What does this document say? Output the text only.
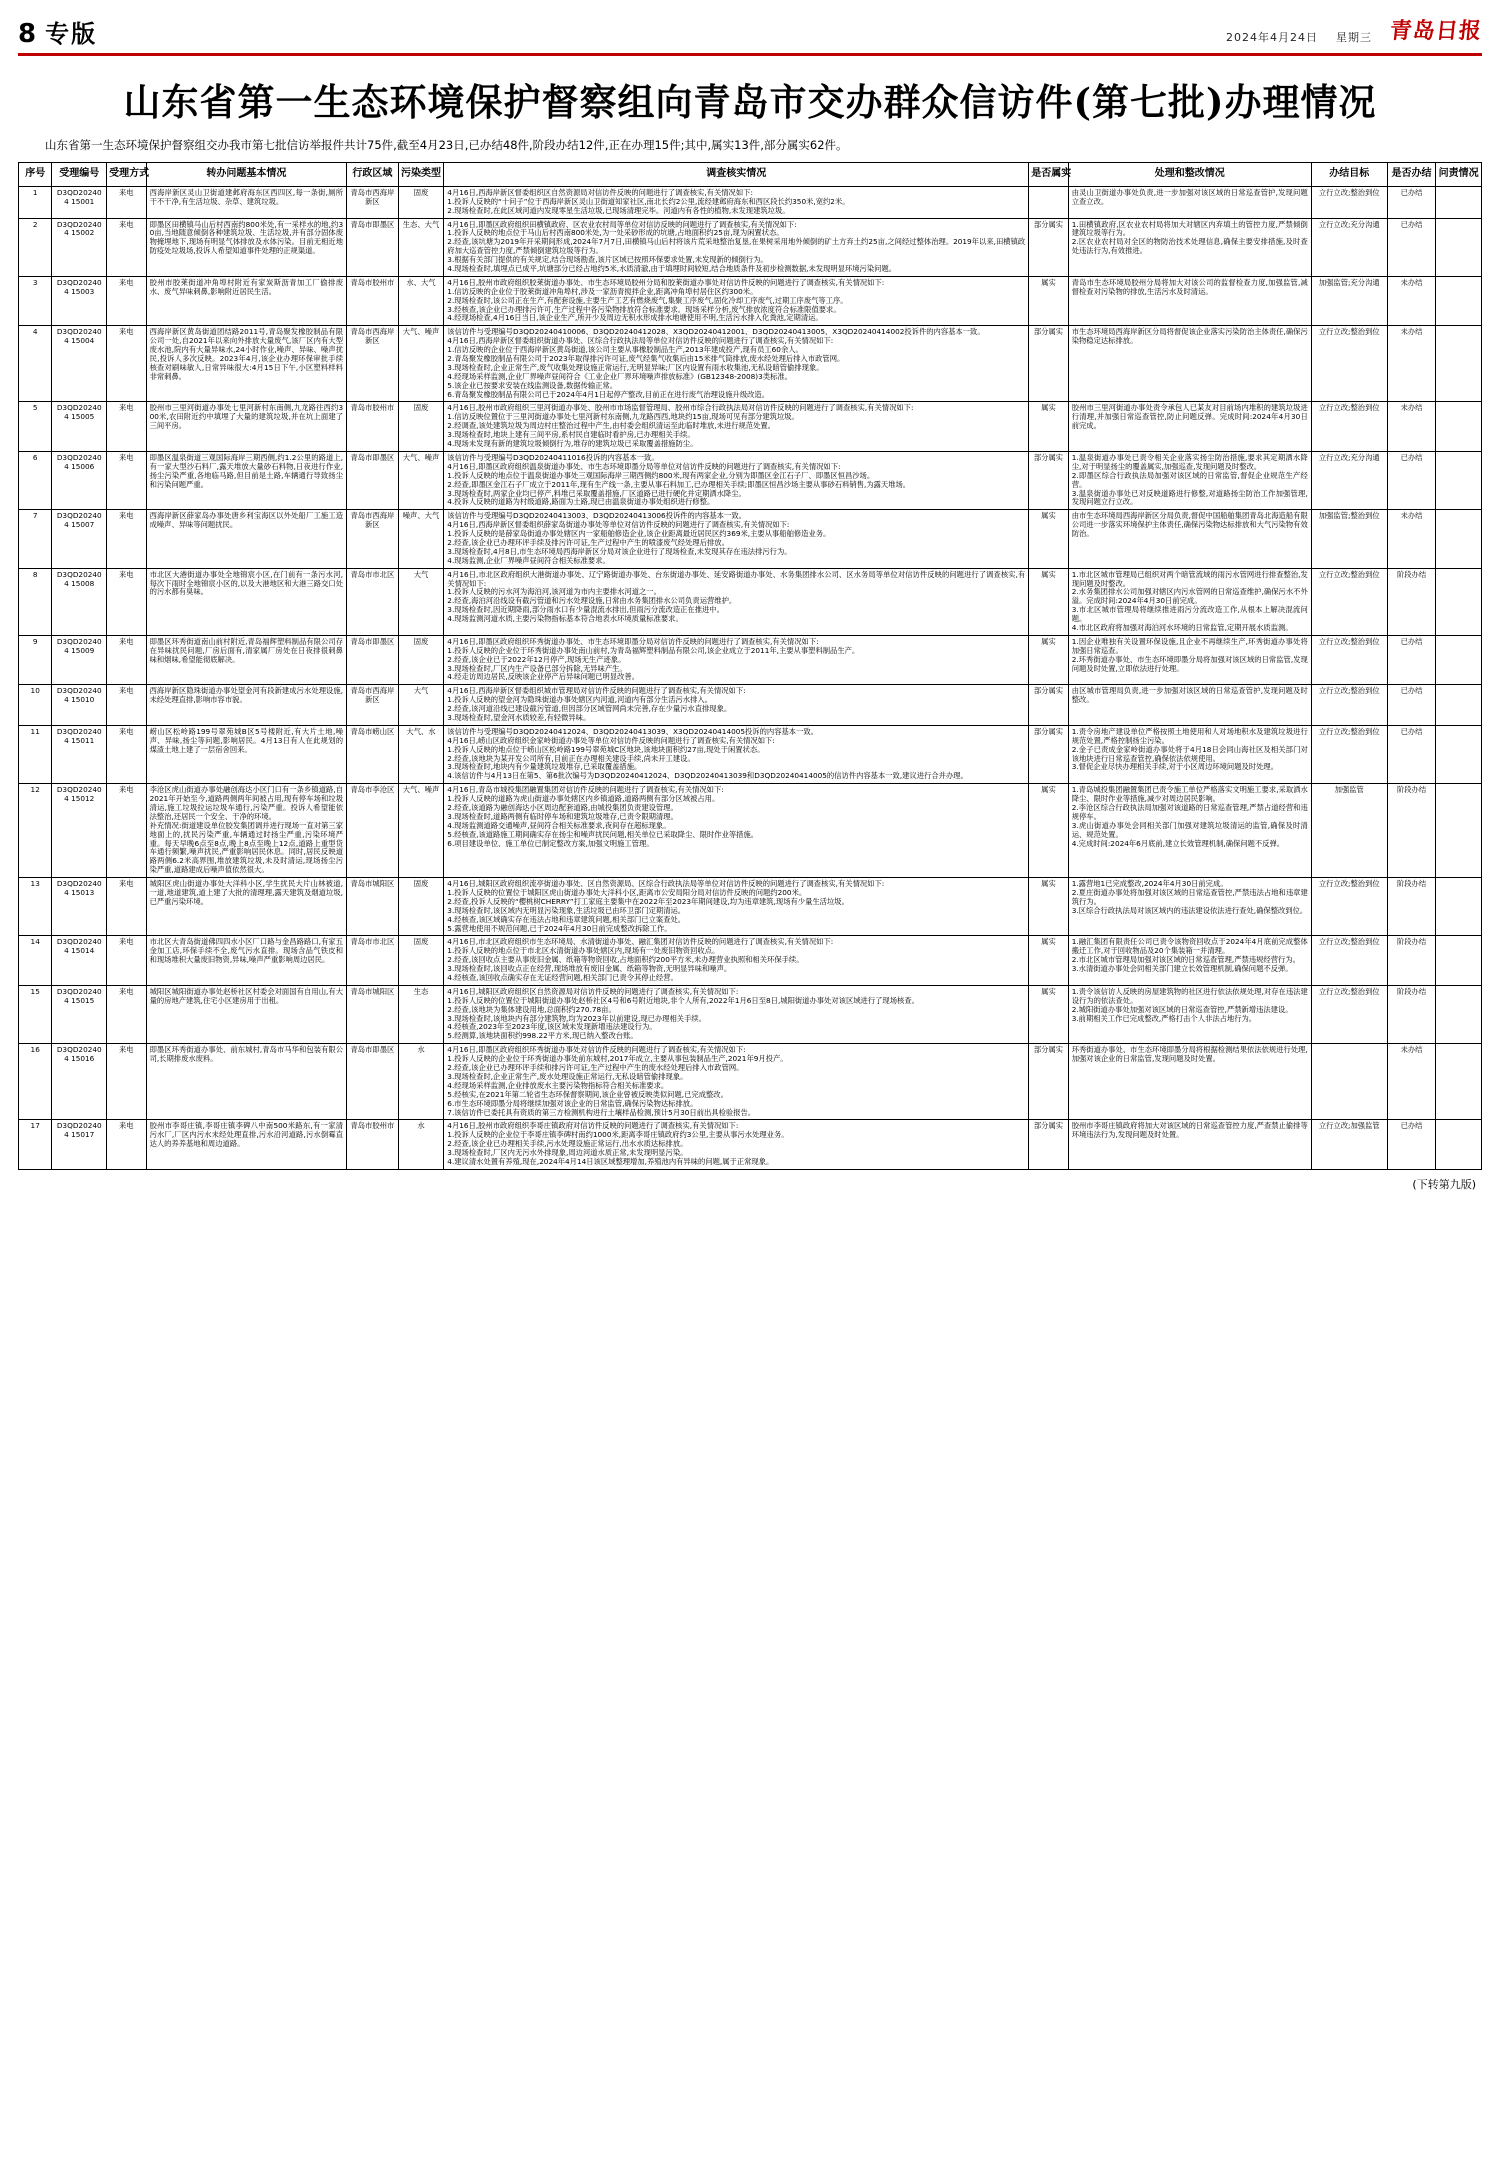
8 专版	2024年4月24日 星期三 青岛日报
山东省第一生态环境保护督察组向青岛市交办群众信访件(第七批)办理情况

山东省第一生态环境保护督察组交办我市第七批信访举报件共计75件,截至4月23日,已办结48件,阶段办结12件,正在办理15件;其中,属实13件,部分属实62件。

序号	受理编号	受理方式	转办问题基本情况	行政区域	污染类型	调查核实情况	是否属实	处理和整改情况	办结目标	是否办结	问责情况
1	D3QD202404 15001	来电	西海岸新区灵山卫街道建邺府海东区西四区,每一条街,厕所干不干净,有生活垃圾、杂草、建筑垃圾。	青岛市西海岸新区	固废	4月16日,西海岸新区督委组织区自然资源局对信访件反映的问题进行了调查核实,有关情况如下:
1.投诉人反映的“十问子”位于西海岸新区灵山卫街道知家社区,南北长约2公里,流经建邺府海东和西区段长约350米,宽约2米。
2.现场检查时,在此区域河道内发现零星生活垃圾,已现场清理完毕。河道内有各性的植物,未发现建筑垃圾。		由灵山卫街道办事处负责,进一步加强对该区域的日常巡查管护,发现问题立查立改。	立行立改;整治到位	已办结	
2	D3QD202404 15002	来电	即墨区田横镇马山后村西南约800米处,有一采样水的地,约30亩,当地随意倾倒各种建筑垃圾、生活垃圾,并有部分固体废物掩埋地下,现场有明显气体排放及水体污染。目前无相近地防疫处垃圾场,投诉人希望知道事件处理的正规渠道。	青岛市即墨区	生态、大气	4月16日,即墨区政府组织田横镇政府、区农业农村局等单位对信访反映的问题进行了调查核实,有关情况如下:
1.投诉人反映的地点位于马山后村西南800米处,为一处采砂形成的坑塘,占地面积约25亩,现为闲置状态。
2.经查,该坑塘为2019年开采期间形成,2024年7月7日,田横镇马山后村将该片荒采地整治复垦,在果树采用地外倾倒的矿土方弃土约25亩,之间经过整体治理。2019年以来,田横镇政府加大巡查管控力度,严禁倾倒建筑垃圾等行为。
3.根据有关部门提供的有关规定,结合现场勘查,该片区域已按照环保要求处置,未发现新的倾倒行为。
4.现场检查时,填埋点已成平,坑塘部分已经占地约5米,水质清澈,由于填埋时间较短,结合地质条件及初步检测数据,未发现明显环境污染问题。	部分属实	1.田横镇政府,区农业农村局将加大对辖区内弃填土的管控力度,严禁倾倒建筑垃圾等行为。
2.区农业农村局对全区的物防治技术处理信息,确保主要安排措施,及时查处违法行为,有效推进。	立行立改;充分沟通	已办结	
3	D3QD202404 15003	来电	胶州市胶莱街道冲角埠村附近有家炭斯沥青加工厂偷排废水、废气异味刺鼻,影响附近居民生活。	青岛市胶州市	水、大气	4月16日,胶州市政府组织胶莱街道办事处、市生态环境局胶州分局和胶莱街道办事处对信访件反映的问题进行了调查核实,有关情况如下:
1.信访反映的企业位于胶莱街道冲角埠村,涉及一家沥青搅拌企业,距离冲角埠村居住区约300米。
2.现场检查时,该公司正在生产,有配套设施,主要生产工艺有燃烧废气,集聚工序废气,固化冷却工序废气,过期工序废气等工序。
3.经核查,该企业已办理排污许可,生产过程中各污染物排放符合标准要求。现场采样分析,废气排放浓度符合标准限值要求。
4.经现场检查,4月16日当日,该企业生产,所开少及周边无积水形成排水地塘使用不明,生活污水排入化粪池,定期清运。	属实	青岛市生态环境局胶州分局将加大对该公司的监督检查力度,加强监管,减督检查对污染物的排放,生活污水及时清运。	加强监管;充分沟通	未办结	
4	D3QD202404 15004	来电	西海岸新区黄岛街道团结路2011号,青岛聚发橡胶制品有限公司一处,自2021年以来向外排放大量废气,该厂区内有大型废水池,院内有大量异味水,24小时作业,噪声、异味、噪声扰民,投诉人多次反映。2023年4月,该企业办理环保审批手续核查对刷味敏人,日常异味很大:4月15日下午,小区塑料样料非常刺鼻。	青岛市西海岸新区	大气、噪声	该信访件与受理编号D3QD20240410006、D3QD20240412028、X3QD20240412001、D3QD20240413005、X3QD20240414002投诉件的内容基本一致。
4月16日,西海岸新区督委组织街道办事处、区综合行政执法局等单位对信访件反映的问题进行了调查核实,有关情况如下:
1.信访反映的企业位于西海岸新区黄岛街道,该公司主要从事橡胶制品生产,2013年建成投产,现有员工60余人。
2.青岛聚发橡胶制品有限公司于2023年取得排污许可证,废气经集气收集后由15米排气筒排放,废水经处理后排入市政管网。
3.现场检查时,企业正常生产,废气收集处理设施正常运行,无明显异味;厂区内设置有雨水收集池,无私设暗管偷排现象。
4.经现场采样监测,企业厂界噪声昼间符合《工业企业厂界环境噪声排放标准》(GB12348-2008)3类标准。
5.该企业已按要求安装在线监测设备,数据传输正常。
6.青岛聚发橡胶制品有限公司已于2024年4月1日起停产整改,目前正在进行废气治理设施升级改造。	部分属实	市生态环境局西海岸新区分局将督促该企业落实污染防治主体责任,确保污染物稳定达标排放。	立行立改;整治到位	未办结	
5	D3QD202404 15005	来电	胶州市三里河街道办事处七里河新村东南侧,九龙路往西约300米,农田附近约中填埋了大量的建筑垃圾,并在坑上面建了三间平房。	青岛市胶州市	固废	4月16日,胶州市政府组织三里河街道办事处、胶州市市场监督管理局、胶州市综合行政执法局对信访件反映的问题进行了调查核实,有关情况如下:
1.信访反映位置位于三里河街道办事处七里河新村东南侧,九龙路西西,地块约15亩,现场可见有部分建筑垃圾。
2.经调查,该处建筑垃圾为周边村庄整治过程中产生,由村委会组织清运至此临时堆放,未进行规范处置。
3.现场检查时,地块上建有三间平房,系村民自建临时看护房,已办理相关手续。
4.现场未发现有新的建筑垃圾倾倒行为,堆存的建筑垃圾已采取覆盖措施防尘。	属实	胶州市三里河街道办事处责令承包人已某友对目前场内堆积的建筑垃圾进行清理,并加强日常巡查管控,防止问题反弹。完成时间:2024年4月30日前完成。	立行立改;整治到位	未办结	
6	D3QD202404 15006	来电	即墨区温泉街道三观国际海岸三期西侧,约1.2公里的路道上,有一家大型沙石料厂,露天堆放大量砂石料物,日夜进行作业,扬尘污染严重,各地临马路,但目前是土路,车辆通行导致扬尘和污染问题严重。	青岛市即墨区	大气、噪声	该信访件与受理编号D3QD20240411016投诉的内容基本一致。
4月16日,即墨区政府组织温泉街道办事处、市生态环境即墨分局等单位对信访件反映的问题进行了调查核实,有关情况如下:
1.投诉人反映的地点位于温泉街道办事处三观国际海岸三期西侧约800米,现有两家企业,分别为即墨区金江石子厂、即墨区恒昌沙场。
2.经查,即墨区金江石子厂成立于2011年,现有生产线一条,主要从事石料加工,已办理相关手续;即墨区恒昌沙场主要从事砂石料销售,为露天堆场。
3.现场检查时,两家企业均已停产,料堆已采取覆盖措施,厂区道路已进行硬化并定期洒水降尘。
4.投诉人反映的道路为村级道路,路面为土路,现已由温泉街道办事处组织进行修整。	部分属实	1.温泉街道办事处已责令相关企业落实扬尘防治措施,要求其定期洒水降尘,对于明显扬尘的覆盖属实,加强巡查,发现问题及时整改。
2.即墨区综合行政执法局加强对该区域的日常监管,督促企业规范生产经营。
3.温泉街道办事处已对反映道路进行修整,对道路扬尘防治工作加强管理,发现问题立行立改。	立行立改;充分沟通	已办结	
7	D3QD202404 15007	来电	西海岸新区薛家岛办事处唐乡利宝海区以外处船厂工施工造成噪声、异味等问题扰民。	青岛市西海岸新区	噪声、大气	该信访件与受理编号D3QD20240413003、D3QD20240413006投诉件的内容基本一致。
4月16日,西海岸新区督委组织薛家岛街道办事处等单位对信访件反映的问题进行了调查核实,有关情况如下:
1.投诉人反映的是薛家岛街道办事处辖区内一家船舶修造企业,该企业距离最近居民区约369米,主要从事船舶修造业务。
2.经查,该企业已办理环评手续及排污许可证,生产过程中产生的喷漆废气经处理后排放。
3.现场检查时,4月8日,市生态环境局西海岸新区分局对该企业进行了现场检查,未发现其存在违法排污行为。
4.现场监测,企业厂界噪声昼间符合相关标准要求。	属实	由市生态环境局西海岸新区分局负责,督促中国船舶集团青岛北海造船有限公司进一步落实环境保护主体责任,确保污染物达标排放和大气污染物有效防治。	加强监管;整治到位	未办结	
8	D3QD202404 15008	来电	市北区大港街道办事处全地锦宸小区,在门前有一条污水河,每次下雨时全地锦宸小区的,以及大港地区和大港三路交口处的污水都有臭味。	青岛市市北区	大气	4月16日,市北区政府组织大港街道办事处、辽宁路街道办事处、台东街道办事处、延安路街道办事处、水务集团排水公司、区水务局等单位对信访件反映的问题进行了调查核实,有关情况如下:
1.投诉人反映的污水河为海泊河,该河道为市内主要排水河道之一。
2.经查,海泊河沿线设有截污管道和污水处理设施,日常由水务集团排水公司负责运营维护。
3.现场检查时,因近期降雨,部分雨水口有少量混流水排出,但雨污分流改造正在推进中。
4.现场监测河道水质,主要污染物指标基本符合地表水环境质量标准要求。	属实	1.市北区城市管理局已组织对两个暗管流域的雨污水管网进行排查整治,发现问题及时整改。
2.水务集团排水公司加强对辖区内污水管网的日常巡查维护,确保污水不外溢。完成时间:2024年4月30日前完成。
3.市北区城市管理局将继续推进雨污分流改造工作,从根本上解决混流问题。
4.市北区政府将加强对海泊河水环境的日常监管,定期开展水质监测。	立行立改;整治到位	阶段办结	
9	D3QD202404 15009	来电	即墨区环秀街道南山前村附近,青岛福辉塑料制品有限公司存在异味扰民问题,厂房后面有,清家属厂房处在日夜排很刺鼻味和烟味,希望能彻底解决。	青岛市即墨区	固废	4月16日,即墨区政府组织环秀街道办事处、市生态环境即墨分局对信访件反映的问题进行了调查核实,有关情况如下:
1.投诉人反映的企业位于环秀街道办事处南山前村,为青岛福辉塑料制品有限公司,该企业成立于2011年,主要从事塑料制品生产。
2.经查,该企业已于2022年12月停产,现场无生产迹象。
3.现场检查时,厂区内生产设备已部分拆除,无异味产生。
4.经走访周边居民,反映该企业停产后异味问题已明显改善。	属实	1.因企业唯独有关设置环保设施,且企业不再继续生产,环秀街道办事处将加强日常巡查。
2.环秀街道办事处、市生态环境即墨分局将加强对该区域的日常监管,发现问题及时处置,立即依法进行处理。	立行立改;整治到位	已办结	
10	D3QD202404 15010	来电	西海岸新区隐珠街道办事处望金河有段新建成污水处理设施,未经处理直排,影响市容市貌。	青岛市西海岸新区	大气	4月16日,西海岸新区督委组织城市管理局对信访件反映的问题进行了调查核实,有关情况如下:
1.投诉人反映的望金河为隐珠街道办事处辖区内河道,河道内有部分生活污水排入。
2.经查,该河道沿线已建设截污管道,但因部分区域管网尚未完善,存在少量污水直排现象。
3.现场检查时,望金河水质较差,有轻微异味。	部分属实	由区城市管理局负责,进一步加强对该区域的日常巡查管护,发现问题及时整改。	立行立改;整治到位	已办结	
11	D3QD202404 15011	来电	崂山区松岭路199号翠苑城B区5号楼附近,有大片土地,噪声、异味,扬尘等问题,影响居民。4月13日有人在此规划的煤渣土地上建了一层宿舍回来。	青岛市崂山区	大气、水	该信访件与受理编号D3QD20240412024、D3QD20240413039、X3QD20240414005投诉的内容基本一致。
4月16日,崂山区政府组织金家岭街道办事处等单位对信访件反映的问题进行了调查核实,有关情况如下:
1.投诉人反映的地点位于崂山区松岭路199号翠苑城C区地块,该地块面积约27亩,现处于闲置状态。
2.经查,该地块为某开发公司所有,目前正在办理相关建设手续,尚未开工建设。
3.现场检查时,地块内有少量建筑垃圾堆存,已采取覆盖措施。
4.该信访件与4月13日在第5、第6批次编号为D3QD20240412024、D3QD20240413039和D3QD20240414005的信访件内容基本一致,建议进行合并办理。	部分属实	1.责令房地产建设单位严格按照土地使用和人对场地积水及建筑垃圾进行规范处置,严格控制扬尘污染。
2.金子已责成金家岭街道办事处将于4月18日会同山海社区及相关部门对该地块进行日常巡查管控,确保依法依规使用。
3.督促企业尽快办理相关手续,对于小区周边环境问题及时处理。	立行立改;整治到位	已办结	
12	D3QD202404 15012	来电	李沧区虎山街道办事处融创海达小区门口有一条乡镇道路,自2021年开始至今,道路两侧两年间被占用,现有停车场和垃圾清运,施工垃圾拉运垃圾车通行,污染严重。投诉人希望能依法整治,还居民一个安全、干净的环境。
补充情况:街道建设单位胶发集团调并进行现场一直对第三家地面上的,扰民污染严重,车辆通过时扬尘严重,污染环境严重。每天早晚6点至8点,晚上8点至晚上12点,道路上重型货车通行频繁,噪声扰民,严重影响居民休息。同时,居民反映道路两侧6.2米高界围,堆放建筑垃圾,未及时清运,现场扬尘污染严重,道路建成后噪声值依然很大。	青岛市李沧区	大气、噪声	4月16日,青岛市城投集团融置集团对信访件反映的问题进行了调查核实,有关情况如下:
1.投诉人反映的道路为虎山街道办事处辖区内乡镇道路,道路两侧有部分区域被占用。
2.经查,该道路为融创海达小区周边配套道路,由城投集团负责建设管理。
3.现场检查时,道路两侧有临时停车场和建筑垃圾堆存,已责令限期清理。
4.现场监测道路交通噪声,昼间符合相关标准要求,夜间存在超标现象。
5.经核查,该道路施工期间确实存在扬尘和噪声扰民问题,相关单位已采取降尘、限时作业等措施。
6.项目建设单位、施工单位已制定整改方案,加强文明施工管理。	属实	1.青岛城投集团融置集团已责令施工单位严格落实文明施工要求,采取洒水降尘、限时作业等措施,减少对周边居民影响。
2.李沧区综合行政执法局加强对该道路的日常巡查管理,严禁占道经营和违规停车。
3.虎山街道办事处会同相关部门加强对建筑垃圾清运的监管,确保及时清运、规范处置。
4.完成时间:2024年6月底前,建立长效管理机制,确保问题不反弹。	加强监管	阶段办结	
13	D3QD202404 15013	来电	城阳区虎山街道办事处大洋科小区,学生扰民大片山林被道,一道,地道建筑,道上建了大批的清理理,露天建筑及烟道垃圾,已严重污染环境。	青岛市城阳区	固废	4月16日,城阳区政府组织流亭街道办事处、区自然资源局、区综合行政执法局等单位对信访件反映的问题进行了调查核实,有关情况如下:
1.投诉人反映的位置位于城阳区虎山街道办事处大洋科小区,距离市公安局阳分局对信访件反映的问题约200米。
2.经查,投诉人反映的“樱桃树CHERRY”打工家庭主要集中在2022年至2023年期间建设,均为违章建筑,现场有少量生活垃圾。
3.现场检查时,该区域内无明显污染现象,生活垃圾已由环卫部门定期清运。
4.经核查,该区域确实存在违法占地和违章建筑问题,相关部门已立案查处。
5.露营地使用不规范问题,已于2024年4月30日前完成整改拆除工作。	属实	1.露营地1已完成整改,2024年4月30日前完成。
2.夏庄街道办事处将加强对该区域的日常巡查管控,严禁违法占地和违章建筑行为。
3.区综合行政执法局对该区域内的违法建设依法进行查处,确保整改到位。	立行立改;整治到位	阶段办结	
14	D3QD202404 15014	来电	市北区大青岛街道佛四四水小区厂口路与金昌路路口,有家五金加工店,环保手续不全,废气污水直排。现场含品气铁皮和和现场堆积大量废旧物资,异味,噪声严重影响周边居民。	青岛市市北区	固废	4月16日,市北区政府组织市生态环境局、水清街道办事处、融汇集团对信访件反映的问题进行了调查核实,有关情况如下:
1.投诉人反映的地点位于市北区水清街道办事处辖区内,现场有一处废旧物资回收点。
2.经查,该回收点主要从事废旧金属、纸箱等物资回收,占地面积约200平方米,未办理营业执照和相关环保手续。
3.现场检查时,该回收点正在经营,现场堆放有废旧金属、纸箱等物资,无明显异味和噪声。
4.经核查,该回收点确实存在无证经营问题,相关部门已责令其停止经营。	属实	1.融汇集团有限责任公司已责令该物资回收点于2024年4月底前完成整体搬迁工作,对于回收物品及20个集装箱一并清理。
2.市北区城市管理局加强对该区域的日常巡查管理,严禁违规经营行为。
3.水清街道办事处会同相关部门建立长效管理机制,确保问题不反弹。	立行立改;整治到位	阶段办结	
15	D3QD202404 15015	来电	城阳区城阳街道办事处赵桥社区村委会对面国有自用山,有大量的房地产建筑,住宅小区建房用于出租。	青岛市城阳区	生态	4月16日,城阳区政府组织区自然资源局对信访件反映的问题进行了调查核实,有关情况如下:
1.投诉人反映的位置位于城阳街道办事处赵桥社区4号和6号附近地块,非个人所有,2022年1月6日至8日,城阳街道办事处对该区域进行了现场核查。
2.经查,该地块为集体建设用地,总面积约270.78亩。
3.现场检查时,该地块内有部分建筑物,均为2023年以前建设,现已办理相关手续。
4.经核查,2023年至2023年度,该区域未发现新增违法建设行为。
5.经测算,该地块面积约998.22平方米,现已纳入整改台账。	属实	1.责令该信访人反映的房屋建筑物的社区进行依法依规处理,对存在违法建设行为的依法查处。
2.城阳街道办事处加强对该区域的日常巡查管控,严禁新增违法建设。
3.前期相关工作已完成整改,严格打击个人非法占地行为。	立行立改;整治到位	阶段办结	
16	D3QD202404 15016	来电	即墨区环秀街道办事处、前东城村,青岛市马华和包装有限公司,长期排废水废料。	青岛市即墨区	水	4月16日,即墨区政府组织环秀街道办事处对信访件反映的问题进行了调查核实,有关情况如下:
1.投诉人反映的企业位于环秀街道办事处前东城村,2017年成立,主要从事包装制品生产,2021年9月投产。
2.经查,该企业已办理环评手续和排污许可证,生产过程中产生的废水经处理后排入市政管网。
3.现场检查时,企业正常生产,废水处理设施正常运行,无私设暗管偷排现象。
4.经现场采样监测,企业排放废水主要污染物指标符合相关标准要求。
5.经核实,在2021年第二轮省生态环保督察期间,该企业曾被反映类似问题,已完成整改。
6.市生态环境即墨分局将继续加强对该企业的日常监管,确保污染物达标排放。
7.该信访件已委托具有资质的第三方检测机构进行土壤样品检测,预计5月30日前出具检验报告。	部分属实	环秀街道办事处、市生态环境即墨分局将根据检测结果依法依规进行处理,加强对该企业的日常监管,发现问题及时处置。		未办结	
17	D3QD202404 15017	来电	胶州市李哥庄镇,李哥庄镇李碑八中南500米路东,有一家清污水厂,厂区内污水未经处理直排,污水沿河道路,污水倒霉直达人的养养基地和周边道路。	青岛市胶州市	水	4月16日,胶州市政府组织李哥庄镇政府对信访件反映的问题进行了调查核实,有关情况如下:
1.投诉人反映的企业位于李哥庄镇李碑村南约1000米,距离李哥庄镇政府约3公里,主要从事污水处理业务。
2.经查,该企业已办理相关手续,污水处理设施正常运行,出水水质达标排放。
3.现场检查时,厂区内无污水外排现象,周边河道水质正常,未发现明显污染。
4.建议清水处置有养殖,现在,2024年4月14日该区域整理增加,养殖池内有异味的问题,属于正常现象。	部分属实	胶州市李哥庄镇政府将加大对该区域的日常巡查管控力度,严查禁止偷排等环境违法行为,发现问题及时处置。	立行立改;加强监管	已办结	
(下转第九版)
